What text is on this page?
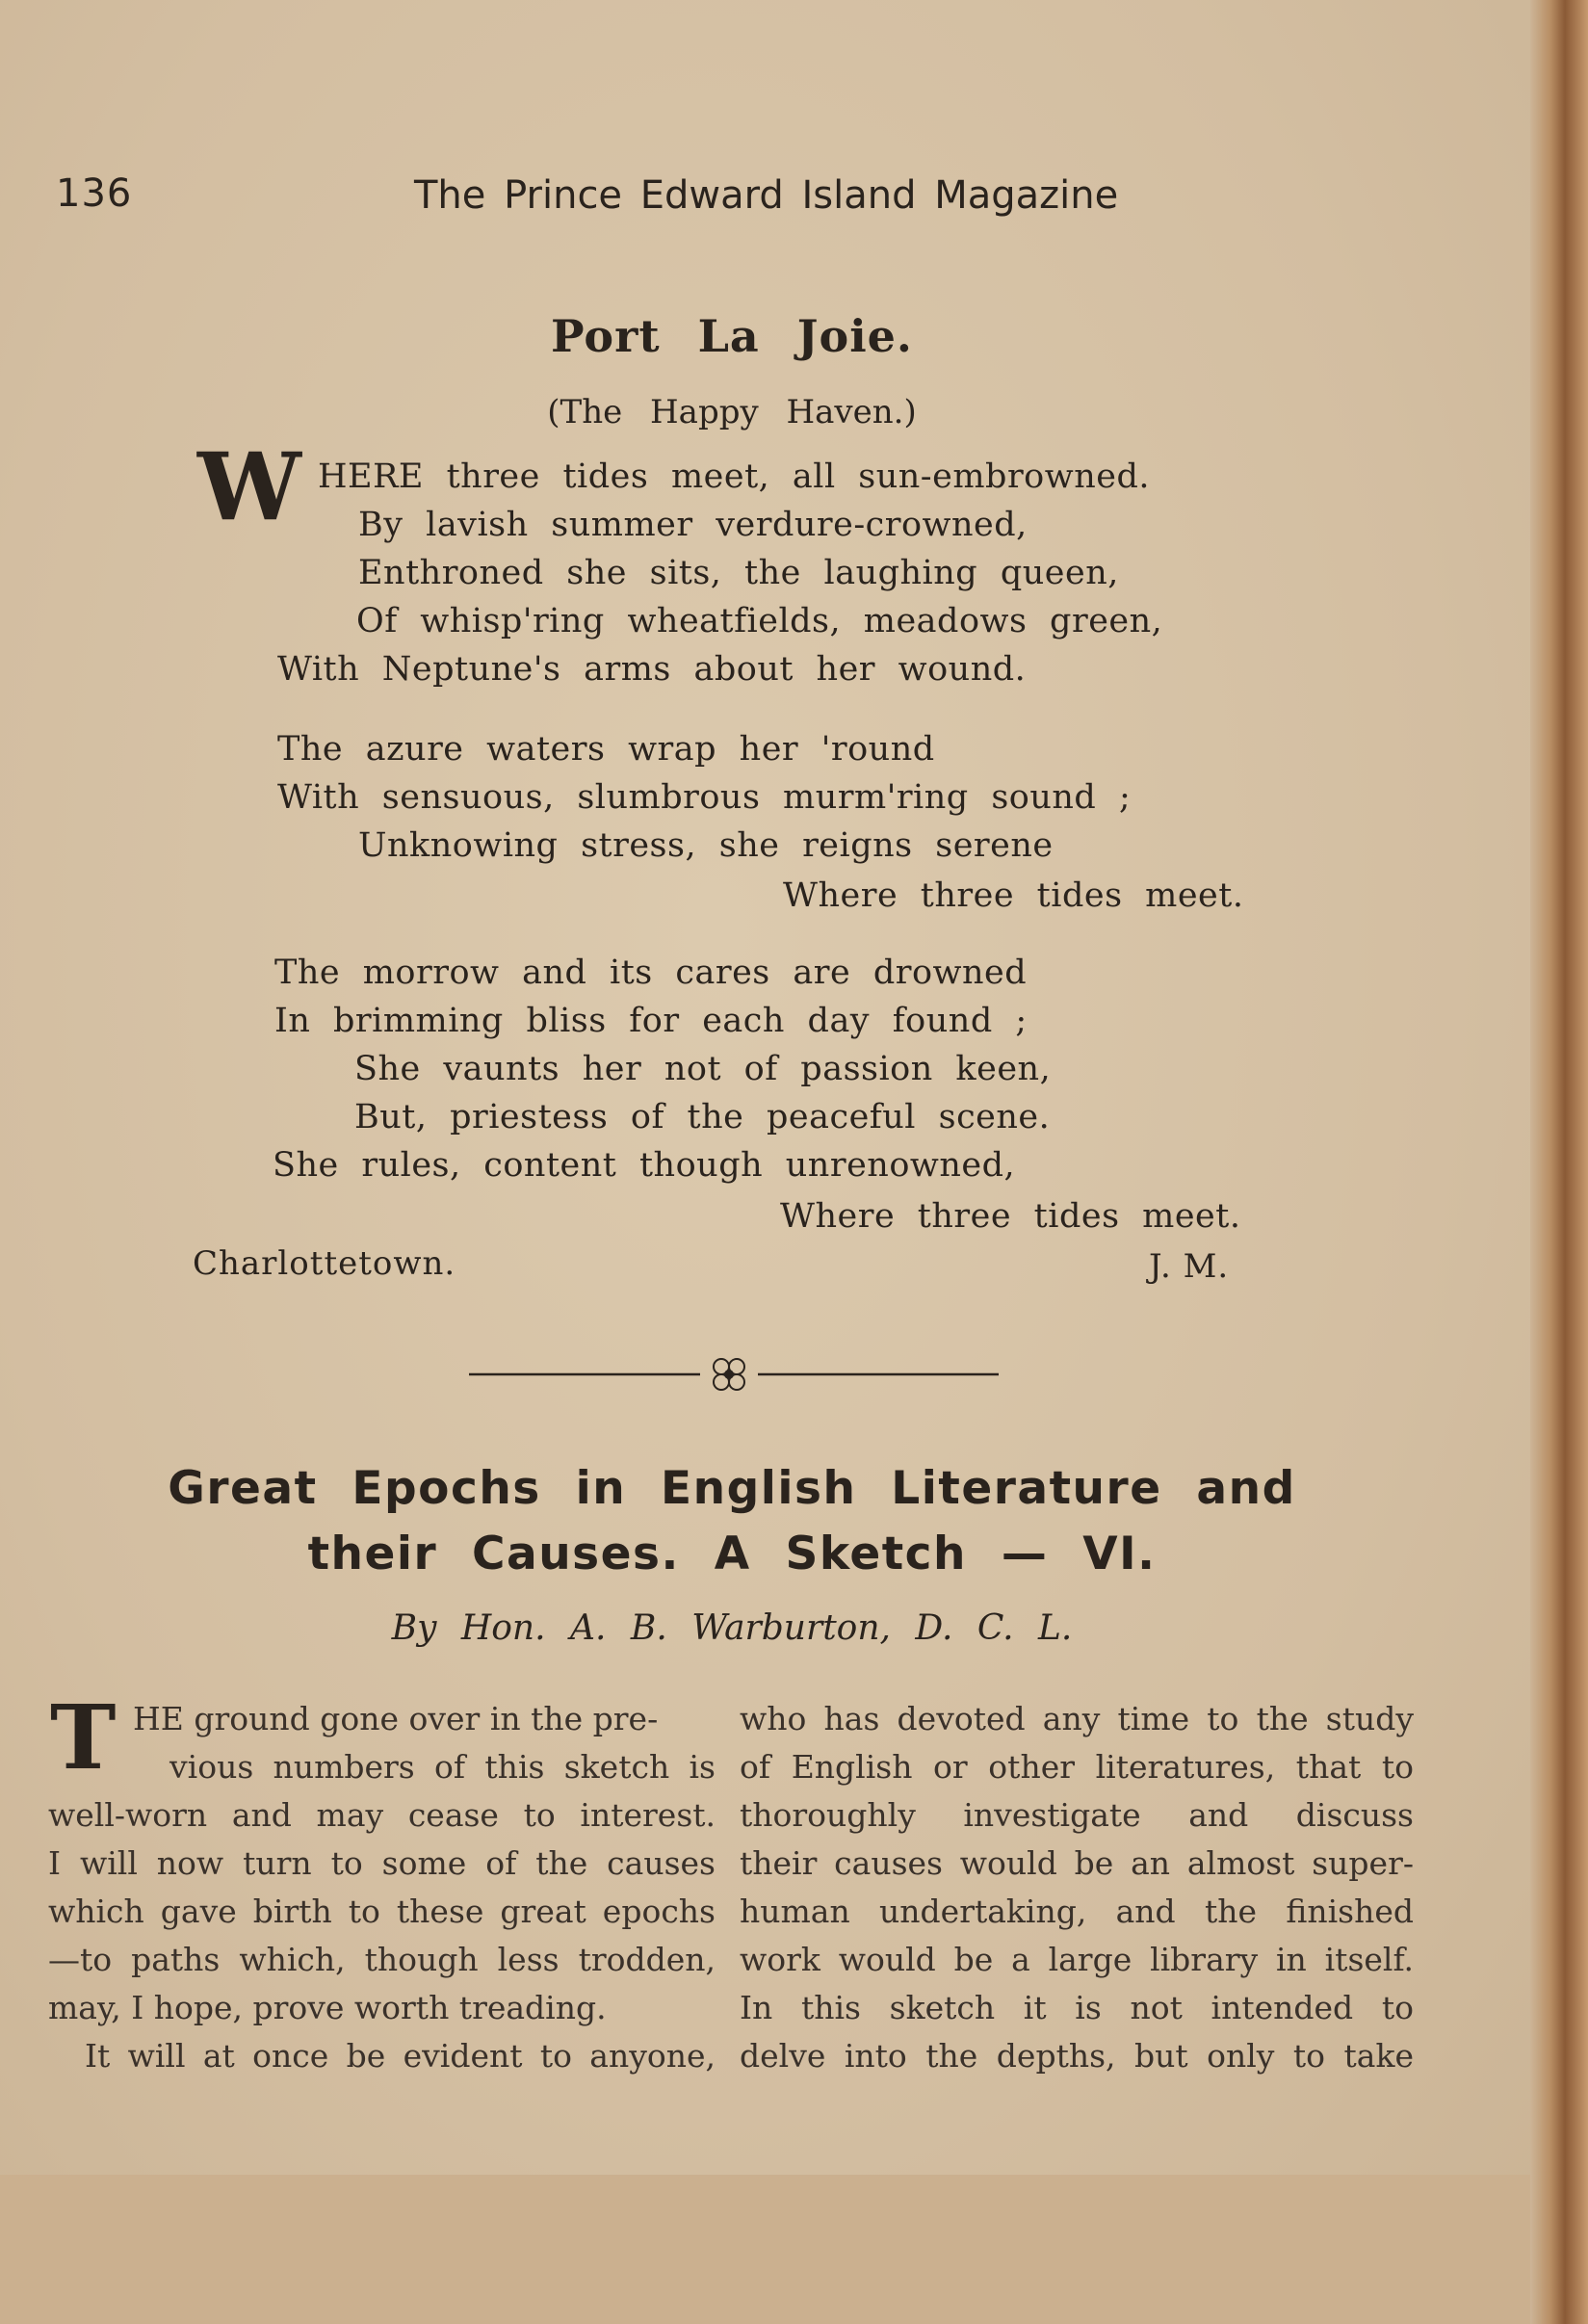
136	The Prince Edward Island Magazine
Port La Joie.
(The Happy Haven.)
W HERE three tides meet, all sun-embrowned.
By lavish summer verdure-crowned,
Enthroned she sits, the laughing queen,
Of whisp'ring wheatfields, meadows green,
With Neptune's arms about her wound.
The azure waters wrap her 'round
With sensuous, slumbrous murm'ring sound ;
Unknowing stress, she reigns serene
Where three tides meet.
The morrow and its cares are drowned
In brimming bliss for each day found ;
She vaunts her not of passion keen,
But, priestess of the peaceful scene.
She rules, content though unrenowned,
Where three tides meet.
Charlottetown.	J. M.
Great Epochs in English Literature and
their Causes. A Sketch — VI.
By Hon. A. B. Warburton, D. C. L.
T HE ground gone over in the pre-
vious numbers of this sketch is
well-worn and may cease to interest.
I will now turn to some of the causes
which gave birth to these great epochs
—to paths which, though less trodden,
may, I hope, prove worth treading.
It will at once be evident to anyone,
who has devoted any time to the study
of English or other literatures, that to
thoroughly investigate and discuss
their causes would be an almost super-
human undertaking, and the finished
work would be a large library in itself.
In this sketch it is not intended to
delve into the depths, but only to take
